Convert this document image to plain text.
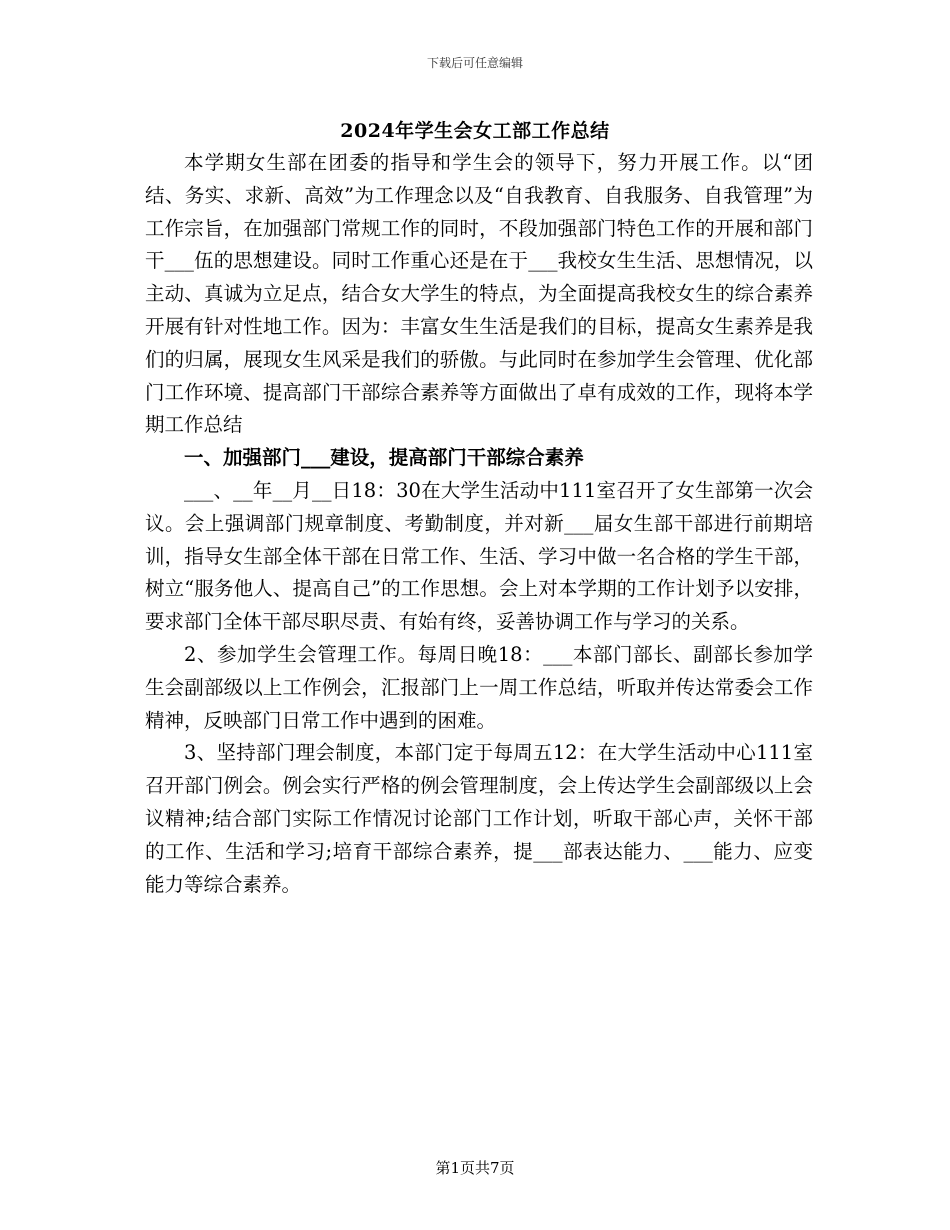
下载后可任意编辑
2024年学生会女工部工作总结

本学期女生部在团委的指导和学生会的领导下，努力开展工作。以“团结、务实、求新、高效”为工作理念以及“自我教育、自我服务、自我管理”为工作宗旨，在加强部门常规工作的同时，不段加强部门特色工作的开展和部门干___伍的思想建设。同时工作重心还是在于___我校女生生活、思想情况，以主动、真诚为立足点，结合女大学生的特点，为全面提高我校女生的综合素养开展有针对性地工作。因为：丰富女生生活是我们的目标，提高女生素养是我们的归属，展现女生风采是我们的骄傲。与此同时在参加学生会管理、优化部门工作环境、提高部门干部综合素养等方面做出了卓有成效的工作，现将本学期工作总结

一、加强部门___建设，提高部门干部综合素养

___、__年__月__日18：30在大学生活动中111室召开了女生部第一次会议。会上强调部门规章制度、考勤制度，并对新___届女生部干部进行前期培训，指导女生部全体干部在日常工作、生活、学习中做一名合格的学生干部，树立“服务他人、提高自己”的工作思想。会上对本学期的工作计划予以安排，要求部门全体干部尽职尽责、有始有终，妥善协调工作与学习的关系。

2、参加学生会管理工作。每周日晚18：___本部门部长、副部长参加学生会副部级以上工作例会，汇报部门上一周工作总结，听取并传达常委会工作精神，反映部门日常工作中遇到的困难。

3、坚持部门理会制度，本部门定于每周五12：在大学生活动中心111室召开部门例会。例会实行严格的例会管理制度，会上传达学生会副部级以上会议精神;结合部门实际工作情况讨论部门工作计划，听取干部心声，关怀干部的工作、生活和学习;培育干部综合素养，提___部表达能力、___能力、应变能力等综合素养。

第1页共7页
